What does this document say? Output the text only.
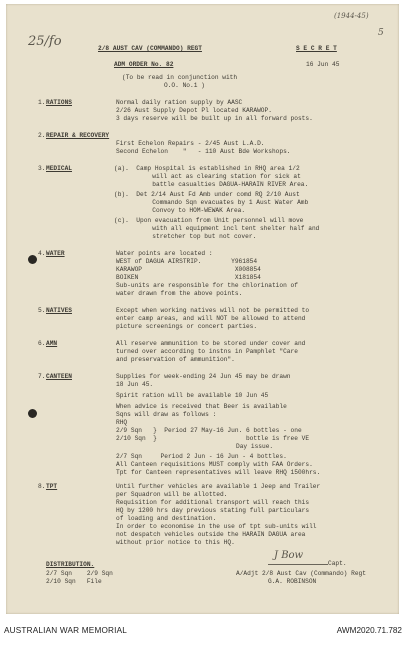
25/fo
(1944-45)
5
2/8 AUST CAV (COMMANDO) REGT	S E C R E T
ADM ORDER No. 82	16 Jun 45
(To be read in conjunction with
O.O. No.1 )
1. RATIONS	Normal daily ration supply by AASC
2/26 Aust Supply Depot Pl located KARAWOP.
3 days reserve will be built up in all forward posts.
2. REPAIR & RECOVERY
First Echelon Repairs - 2/45 Aust L.A.D.
Second Echelon    "   - 110 Aust Bde Workshops.
3. MEDICAL	(a).  Camp Hospital is established in RHQ area 1/2
will act as clearing station for sick at
battle casualties DAGUA-HARAIN RIVER Area.
(b).  Det 2/14 Aust Fd Amb under comd RQ 2/10 Aust
Commando Sqn evacuates by 1 Aust Water Amb
Convoy to HOM-WEWAK Area.
(c).  Upon evacuation from Unit personnel will move
with all equipment incl tent shelter half and
stretcher top but not cover.
4. WATER	Water points are located :
WEST of DAGUA AIRSTRIP.        Y961854
KARAWOP                         X008854
BOIKEN                          X181854
Sub-units are responsible for the chlorination of
water drawn from the above points.
5. NATIVES	Except when working natives will not be permitted to
enter camp areas, and will NOT be allowed to attend
picture screenings or concert parties.
6. AMN	All reserve ammunition to be stored under cover and
turned over according to instns in Pamphlet "Care
and preservation of ammunition".
7. CANTEEN	Supplies for week-ending 24 Jun 45 may be drawn
18 Jun 45.
Spirit ration will be available 10 Jun 45
When advice is received that Beer is available
Sqns will draw as follows :
RHQ
2/9 Sqn   }  Period 27 May-16 Jun. 6 bottles - one
2/10 Sqn  }                        bottle is free VE
Day issue.
2/7 Sqn     Period 2 Jun - 16 Jun - 4 bottles.
All Canteen requisitions MUST comply with FAA Orders.
Tpt for Canteen representatives will leave RHQ 1500hrs.
8. TPT	Until further vehicles are available 1 Jeep and Trailer
per Squadron will be allotted.
Requisition for additional transport will reach this
HQ by 1200 hrs day previous stating full particulars
of loading and destination.
In order to economise in the use of tpt sub-units will
not despatch vehicles outside the HARAIN DAGUA area
without prior notice to this HQ.
DISTRIBUTION.
2/7 Sqn    2/9 Sqn
2/10 Sqn   File
J Bow
Capt.
A/Adjt 2/8 Aust Cav (Commando) Regt
G.A. ROBINSON
AUSTRALIAN WAR MEMORIAL	AWM2020.71.782
